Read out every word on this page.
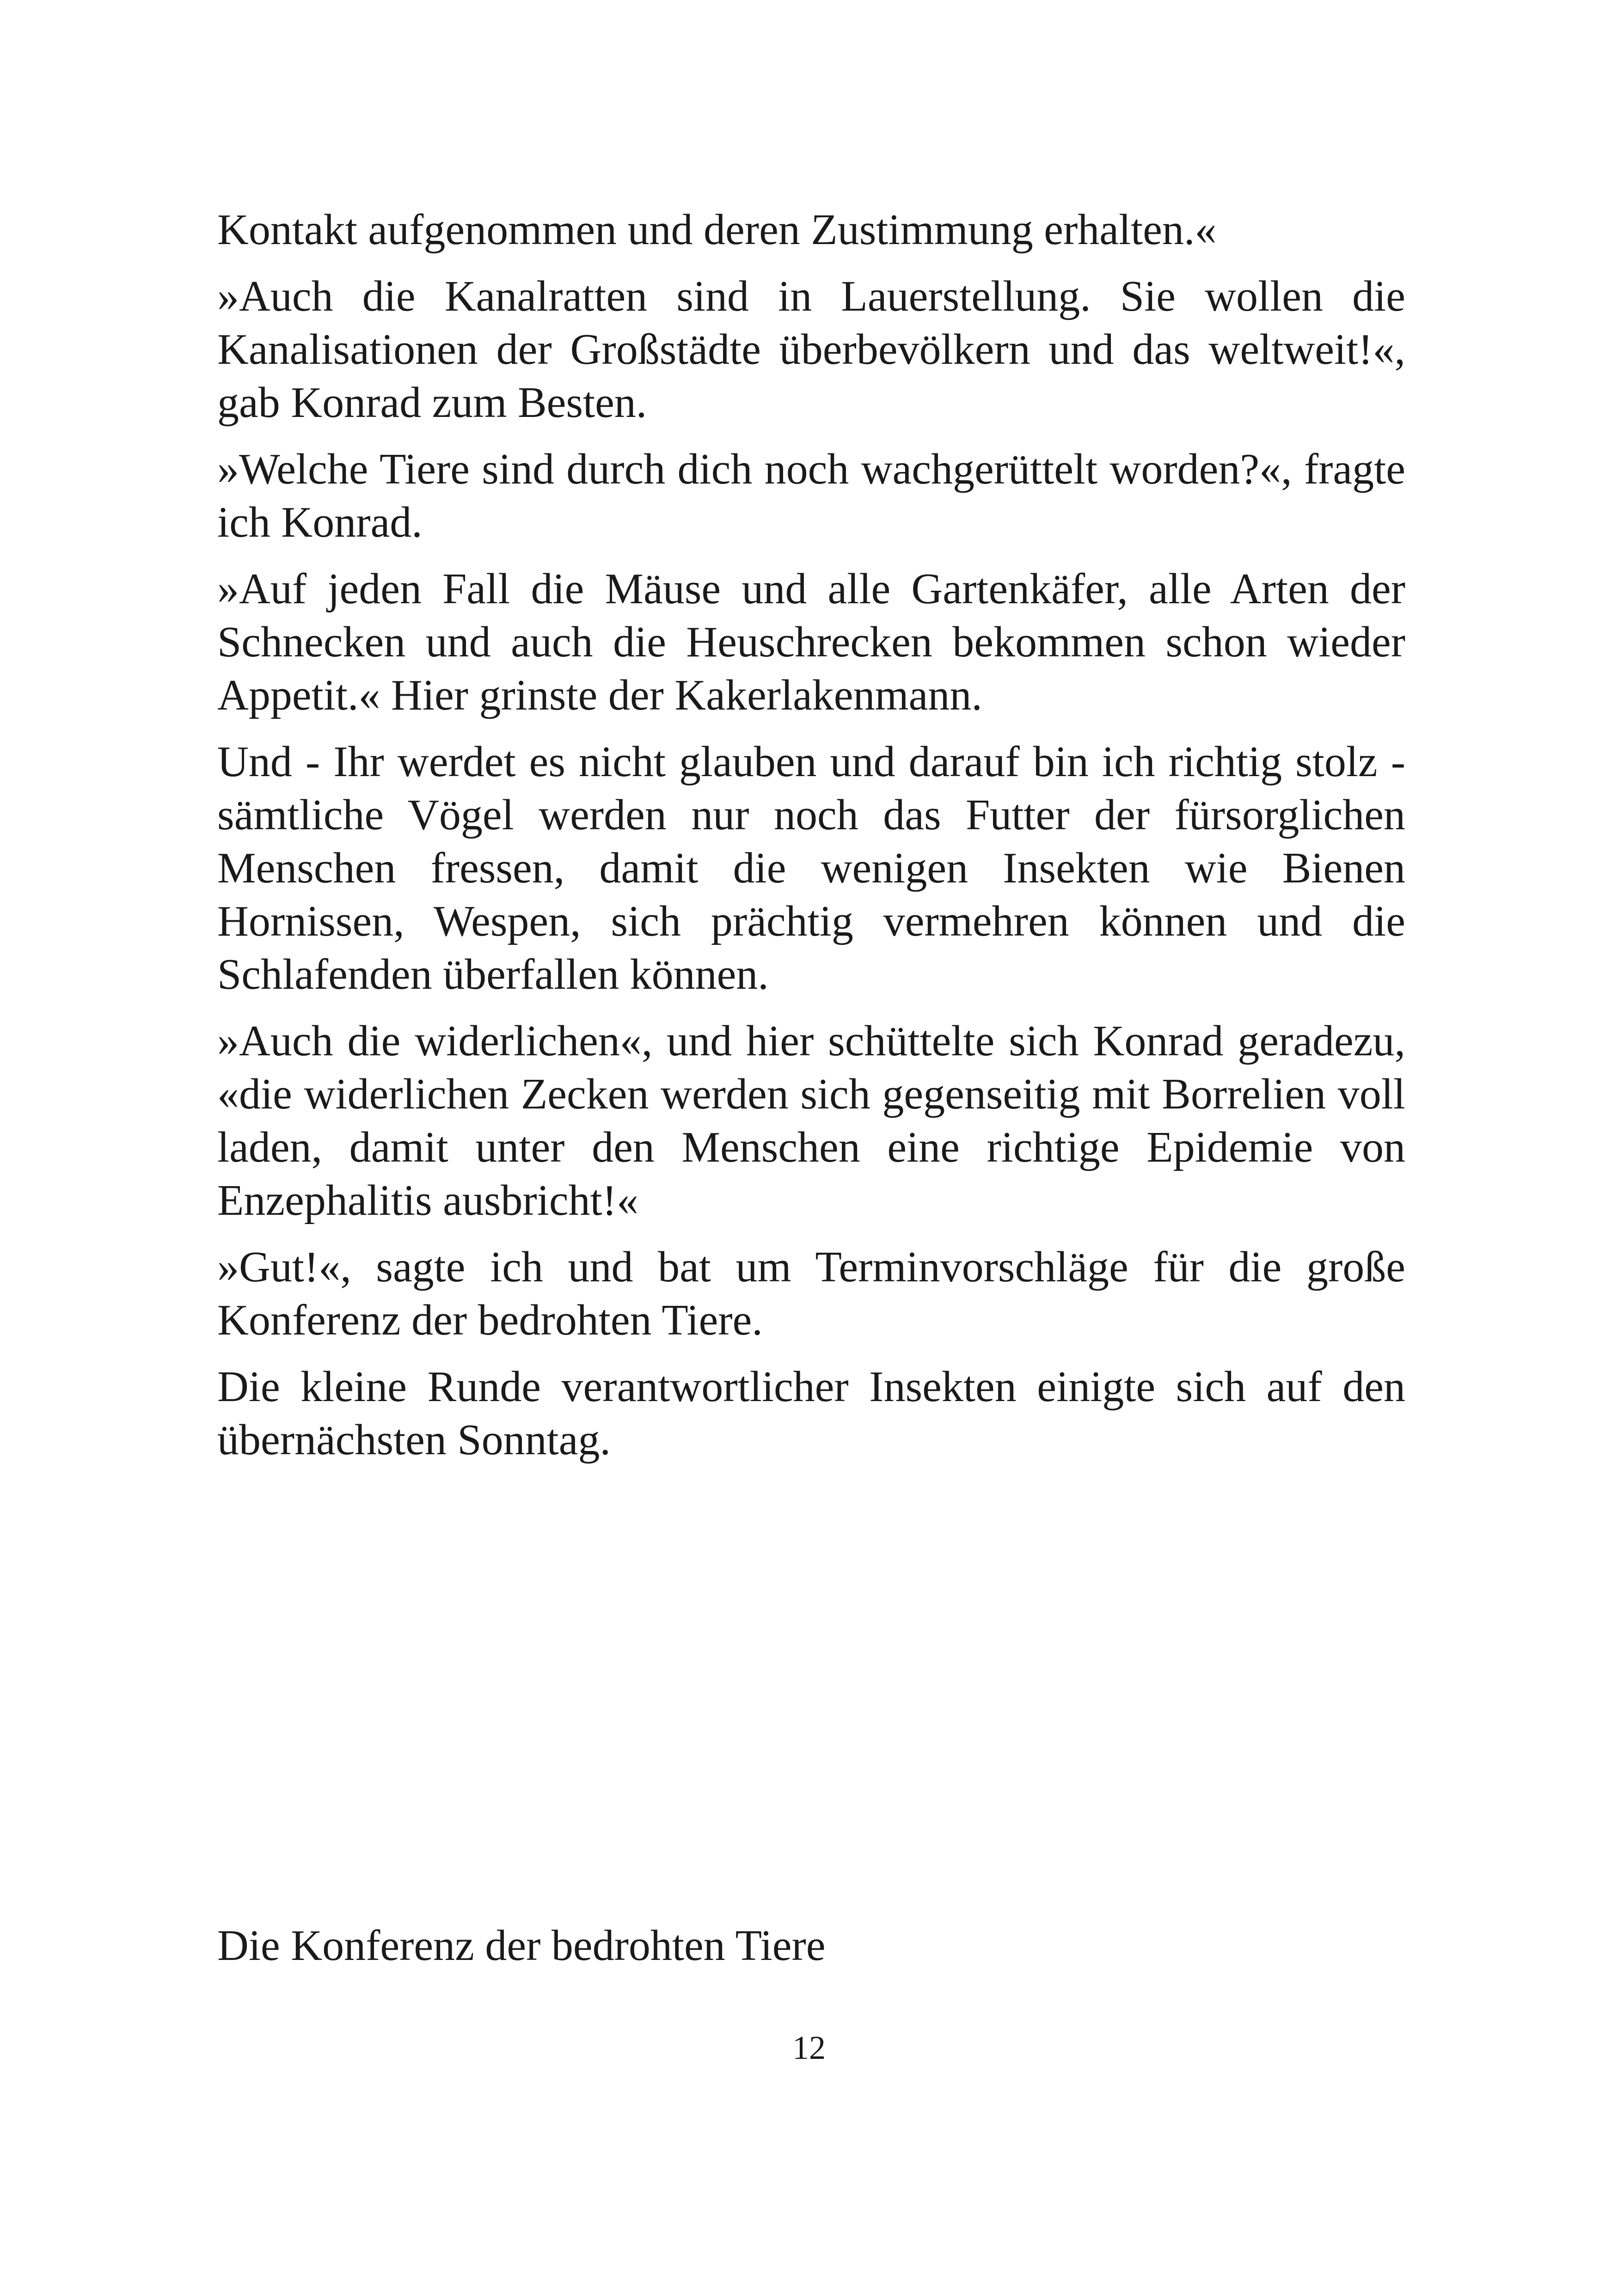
Kontakt aufgenommen und deren Zustimmung erhalten.«

»Auch die Kanalratten sind in Lauerstellung. Sie wollen die Kanalisationen der Großstädte überbevölkern und das weltweit!«, gab Konrad zum Besten.

»Welche Tiere sind durch dich noch wachgerüttelt worden?«, fragte ich Konrad.

»Auf jeden Fall die Mäuse und alle Gartenkäfer, alle Arten der Schnecken und auch die Heuschrecken bekommen schon wieder Appetit.« Hier grinste der Kakerlakenmann.

Und - Ihr werdet es nicht glauben und darauf bin ich richtig stolz - sämtliche Vögel werden nur noch das Futter der fürsorglichen Menschen fressen, damit die wenigen Insekten wie Bienen Hornissen, Wespen, sich prächtig vermehren können und die Schlafenden überfallen können.

»Auch die widerlichen«, und hier schüttelte sich Konrad geradezu, «die widerlichen Zecken werden sich gegenseitig mit Borrelien voll laden, damit unter den Menschen eine richtige Epidemie von Enzephalitis ausbricht!«

»Gut!«, sagte ich und bat um Terminvorschläge für die große Konferenz der bedrohten Tiere.

Die kleine Runde verantwortlicher Insekten einigte sich auf den übernächsten Sonntag.

Die Konferenz der bedrohten Tiere
12
